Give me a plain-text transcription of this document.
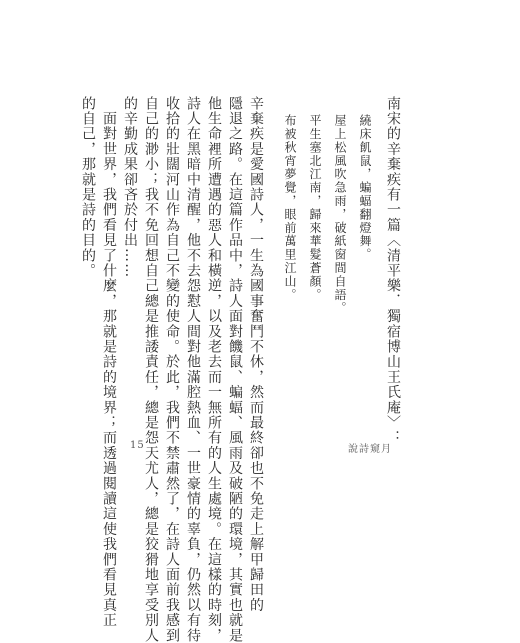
南宋的辛棄疾有一篇〈清平樂．獨宿博山王氏庵〉：
繞床飢鼠，蝙蝠翻燈舞。
屋上松風吹急雨，破紙窗間自語。
平生塞北江南，歸來華髮蒼顏。
布被秋宵夢覺，眼前萬里江山。
辛棄疾是愛國詩人，一生為國事奮鬥不休，然而最終卻也不免走上解甲歸田的
隱退之路。在這篇作品中，詩人面對饑鼠、蝙蝠、風雨及破陋的環境，其實也就是
他生命裡所遭遇的惡人和橫逆，以及老去而一無所有的人生處境。在這樣的時刻，
詩人在黑暗中清醒，他不去怨懟人間對他滿腔熱血、一世豪情的辜負，仍然以有待
收拾的壯闊河山作為自己不變的使命。於此，我們不禁肅然了，在詩人面前我感到
自己的渺小；我不免回想自己總是推諉責任，總是怨天尤人，總是狡猾地享受別人
的辛勤成果卻吝於付出……
　面對世界，我們看見了什麼，那就是詩的境界；而透過閱讀這使我們看見真正
的自己，那就是詩的目的。
15	說詩窺月
